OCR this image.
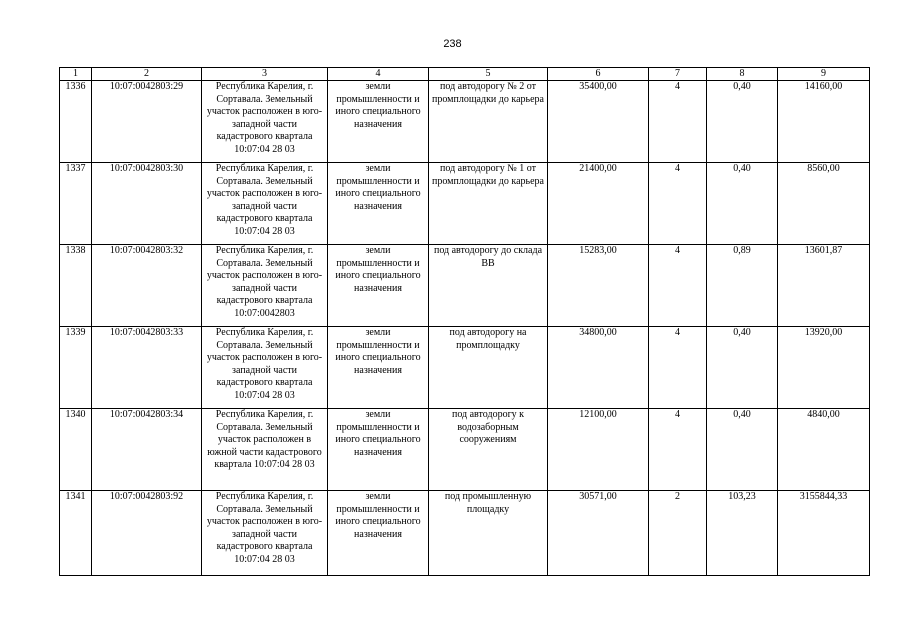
238
1	2	3	4	5	6	7	8	9
1336	10:07:0042803:29	Республика Карелия, г. Сортавала. Земельный участок расположен в юго-западной части кадастрового квартала 10:07:04 28 03	земли промышленности и иного специального назначения	под автодорогу № 2 от промплощадки до карьера	35400,00	4	0,40	14160,00
1337	10:07:0042803:30	Республика Карелия, г. Сортавала. Земельный участок расположен в юго-западной части кадастрового квартала 10:07:04 28 03	земли промышленности и иного специального назначения	под автодорогу № 1 от промплощадки до карьера	21400,00	4	0,40	8560,00
1338	10:07:0042803:32	Республика Карелия, г. Сортавала. Земельный участок расположен в юго-западной части кадастрового квартала 10:07:0042803	земли промышленности и иного специального назначения	под автодорогу до склада ВВ	15283,00	4	0,89	13601,87
1339	10:07:0042803:33	Республика Карелия, г. Сортавала. Земельный участок расположен в юго-западной части кадастрового квартала 10:07:04 28 03	земли промышленности и иного специального назначения	под автодорогу на промплощадку	34800,00	4	0,40	13920,00
1340	10:07:0042803:34	Республика Карелия, г. Сортавала. Земельный участок расположен в южной части кадастрового квартала 10:07:04 28 03	земли промышленности и иного специального назначения	под автодорогу к водозаборным сооружениям	12100,00	4	0,40	4840,00
1341	10:07:0042803:92	Республика Карелия, г. Сортавала. Земельный участок расположен в юго-западной части кадастрового квартала 10:07:04 28 03	земли промышленности и иного специального назначения	под промышленную площадку	30571,00	2	103,23	3155844,33
